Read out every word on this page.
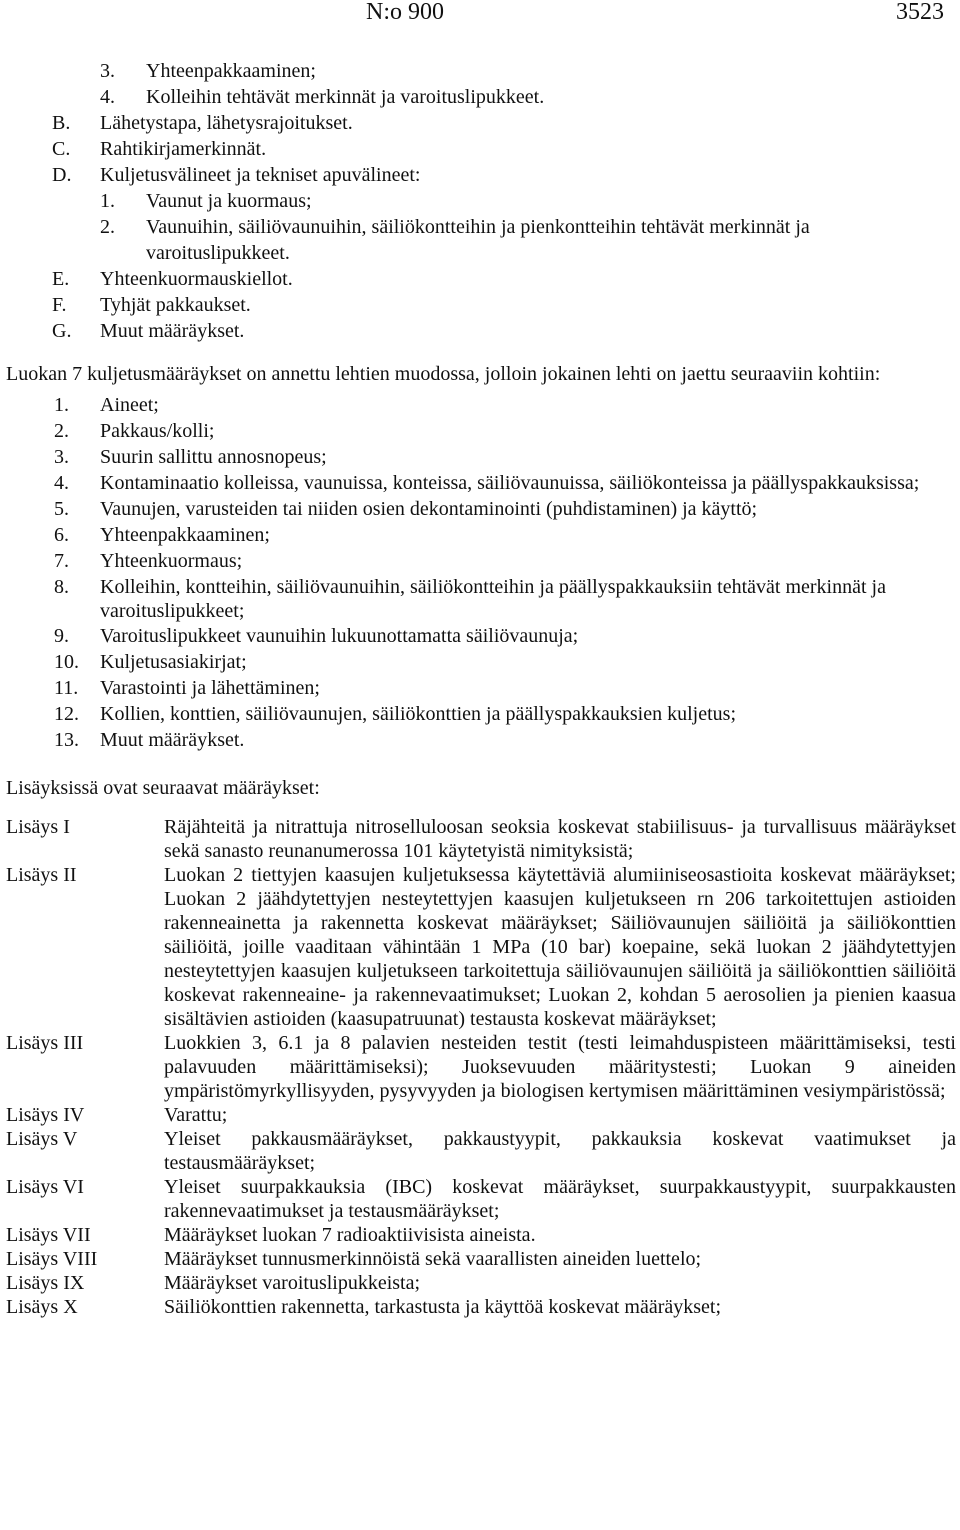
N:o 900	3523
3.	Yhteenpakkaaminen;
4.	Kolleihin tehtävät merkinnät ja varoituslipukkeet.
B.	Lähetystapa, lähetysrajoitukset.
C.	Rahtikirjamerkinnät.
D.	Kuljetusvälineet ja tekniset apuvälineet:
1.	Vaunut ja kuormaus;
2.	Vaunuihin, säiliövaunuihin, säiliökontteihin ja pienkontteihin tehtävät merkinnät ja varoituslipukkeet.
E.	Yhteenkuormauskiellot.
F.	Tyhjät pakkaukset.
G.	Muut määräykset.
Luokan 7 kuljetusmääräykset on annettu lehtien muodossa, jolloin jokainen lehti on jaettu seuraaviin kohtiin:
1.	Aineet;
2.	Pakkaus/kolli;
3.	Suurin sallittu annosnopeus;
4.	Kontaminaatio kolleissa, vaunuissa, konteissa, säiliövaunuissa, säiliökonteissa ja päällyspakkauksissa;
5.	Vaunujen, varusteiden tai niiden osien dekontaminointi (puhdistaminen) ja käyttö;
6.	Yhteenpakkaaminen;
7.	Yhteenkuormaus;
8.	Kolleihin, kontteihin, säiliövaunuihin, säiliökontteihin ja päällyspakkauksiin tehtävät merkinnät ja varoituslipukkeet;
9.	Varoituslipukkeet vaunuihin lukuunottamatta säiliövaunuja;
10.	Kuljetusasiakirjat;
11.	Varastointi ja lähettäminen;
12.	Kollien, konttien, säiliövaunujen, säiliökonttien ja päällyspakkauksien kuljetus;
13.	Muut määräykset.
Lisäyksissä ovat seuraavat määräykset:
Lisäys I	Räjähteitä ja nitrattuja nitroselluloosan seoksia koskevat stabiilisuus- ja turvallisuus määräykset sekä sanasto reunanumerossa 101 käytetyistä nimityksistä;
Lisäys II	Luokan 2 tiettyjen kaasujen kuljetuksessa käytettäviä alumiiniseosastioita koskevat määräykset; Luokan 2 jäähdytettyjen nesteytettyjen kaasujen kuljetukseen rn 206 tarkoitettujen astioiden rakenneainetta ja rakennetta koskevat määräykset; Säiliövaunujen säiliöitä ja säiliökonttien säiliöitä, joille vaaditaan vähintään 1 MPa (10 bar) koepaine, sekä luokan 2 jäähdytettyjen nesteytettyjen kaasujen kuljetukseen tarkoitettuja säiliövaunujen säiliöitä ja säiliökonttien säiliöitä koskevat rakenneaine- ja rakennevaatimukset; Luokan 2, kohdan 5 aerosolien ja pienien kaasua sisältävien astioiden (kaasupatruunat) testausta koskevat määräykset;
Lisäys III	Luokkien 3, 6.1 ja 8 palavien nesteiden testit (testi leimahduspisteen määrittämiseksi, testi palavuuden määrittämiseksi); Juoksevuuden määritystesti; Luokan 9 aineiden ympäristömyrkyllisyyden, pysyvyyden ja biologisen kertymisen määrittäminen vesiympäristössä;
Lisäys IV	Varattu;
Lisäys V	Yleiset pakkausmääräykset, pakkaustyypit, pakkauksia koskevat vaatimukset ja testausmääräykset;
Lisäys VI	Yleiset suurpakkauksia (IBC) koskevat määräykset, suurpakkaustyypit, suurpakkausten rakennevaatimukset ja testausmääräykset;
Lisäys VII	Määräykset luokan 7 radioaktiivisista aineista.
Lisäys VIII	Määräykset tunnusmerkinnöistä sekä vaarallisten aineiden luettelo;
Lisäys IX	Määräykset varoituslipukkeista;
Lisäys X	Säiliökonttien rakennetta, tarkastusta ja käyttöä koskevat määräykset;
